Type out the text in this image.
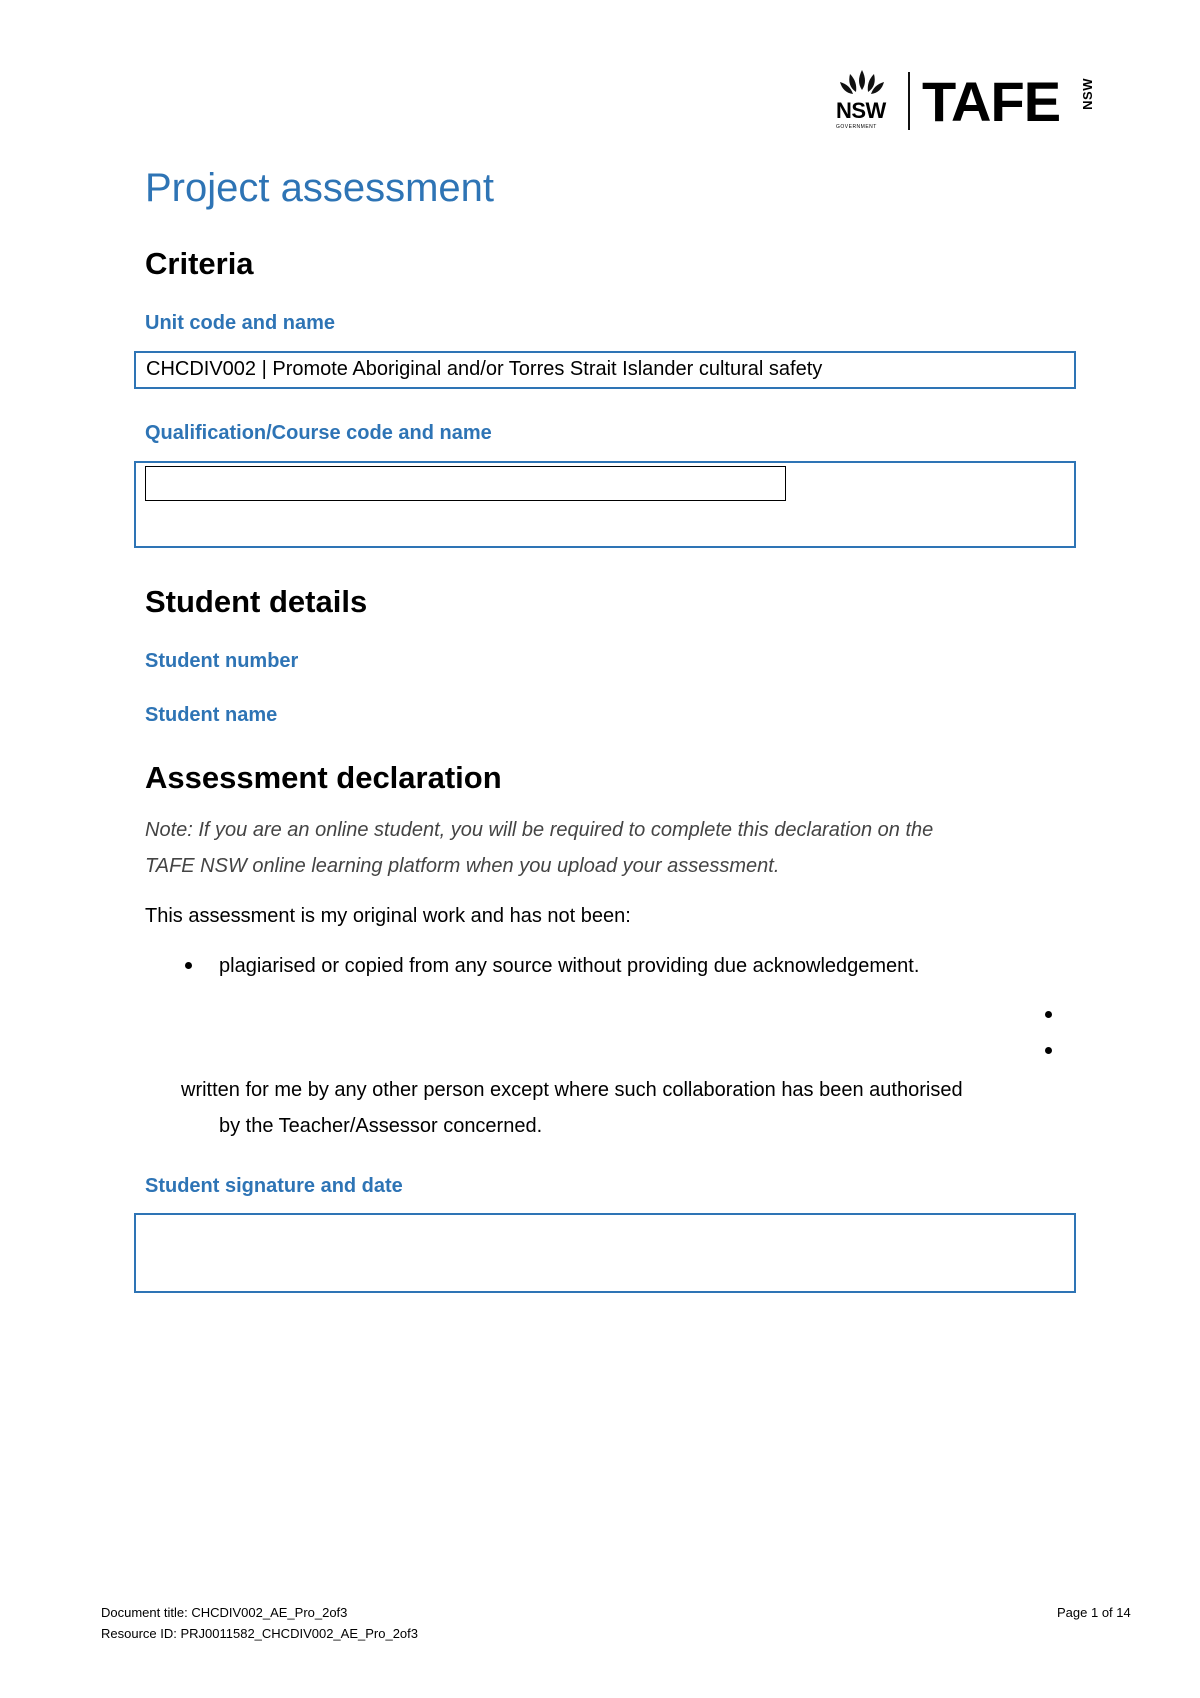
NSW
GOVERNMENT TAFE NSW
Project assessment
Criteria
Unit code and name
CHCDIV002 | Promote Aboriginal and/or Torres Strait Islander cultural safety
Qualification/Course code and name
Student details
Student number
Student name
Assessment declaration
Note: If you are an online student, you will be required to complete this declaration on the
TAFE NSW online learning platform when you upload your assessment.
This assessment is my original work and has not been:
plagiarised or copied from any source without providing due acknowledgement.
written for me by any other person except where such collaboration has been authorised
by the Teacher/Assessor concerned.
Student signature and date
Document title: CHCDIV002_AE_Pro_2of3
Resource ID: PRJ0011582_CHCDIV002_AE_Pro_2of3
Page 1 of 14
